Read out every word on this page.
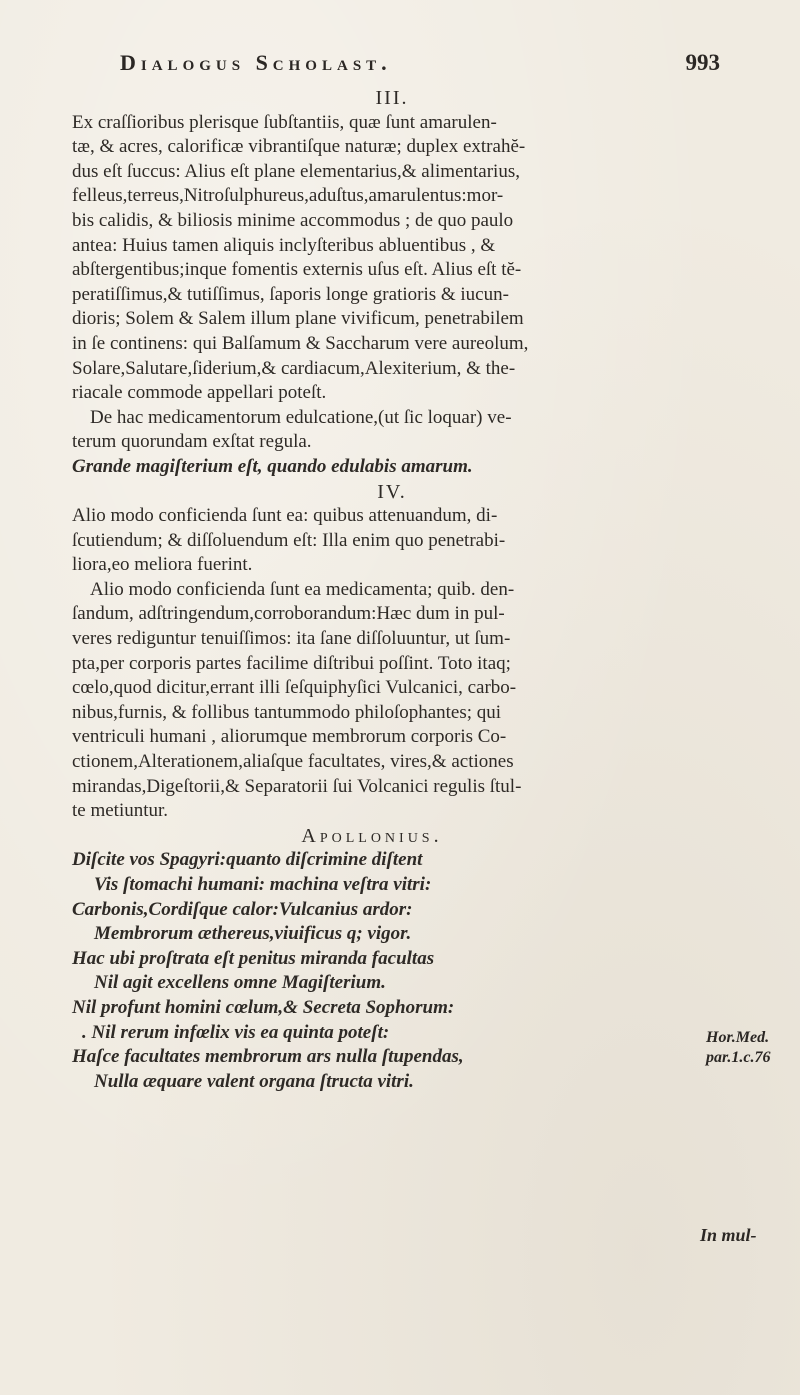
Dialogus Scholast.	993
III.
Ex craſſioribus plerisque ſubſtantiis, quæ ſunt amarulen-
tæ, & acres, calorificæ vibrantiſque naturæ; duplex extrahĕ-
dus eſt ſuccus: Alius eſt plane elementarius,& alimentarius,
felleus,terreus,Nitroſulphureus,aduſtus,amarulentus:mor-
bis calidis, & biliosis minime accommodus ; de quo paulo
antea: Huius tamen aliquis inclyſteribus abluentibus , &
abſtergentibus;inque fomentis externis uſus eſt. Alius eſt tĕ-
peratiſſimus,& tutiſſimus, ſaporis longe gratioris & iucun-
dioris; Solem & Salem illum plane vivificum, penetrabilem
in ſe continens: qui Balſamum & Saccharum vere aureolum,
Solare,Salutare,ſiderium,& cardiacum,Alexiterium, & the-
riacale commode appellari poteſt.
De hac medicamentorum edulcatione,(ut ſic loquar) ve-
terum quorundam exſtat regula.
Grande magiſterium eſt, quando edulabis amarum.
IV.
Alio modo conficienda ſunt ea: quibus attenuandum, di-
ſcutiendum; & diſſoluendum eſt: Illa enim quo penetrabi-
liora,eo meliora fuerint.
Alio modo conficienda ſunt ea medicamenta; quib. den-
ſandum, adſtringendum,corroborandum:Hæc dum in pul-
veres rediguntur tenuiſſimos: ita ſane diſſoluuntur, ut ſum-
pta,per corporis partes facilime diſtribui poſſint. Toto itaq;
cœlo,quod dicitur,errant illi ſeſquiphyſici Vulcanici, carbo-
nibus,furnis, & follibus tantummodo philoſophantes; qui
ventriculi humani , aliorumque membrorum corporis Co-
ctionem,Alterationem,aliaſque facultates, vires,& actiones
mirandas,Digeſtorii,& Separatorii ſui Volcanici regulis ſtul-
te metiuntur.
Apollonius.
Diſcite vos Spagyri:quanto diſcrimine diſtent
Vis ſtomachi humani: machina veſtra vitri:
Carbonis,Cordiſque calor:Vulcanius ardor:
Membrorum æthereus,viuificus q; vigor.
Hac ubi proſtrata eſt penitus miranda facultas
Nil agit excellens omne Magiſterium.
Nil profunt homini cœlum,& Secreta Sophorum:
. Nil rerum infœlix vis ea quinta poteſt:
Haſce facultates membrorum ars nulla ſtupendas,
Nulla æquare valent organa ſtructa vitri.
Hor.Med.
par.1.c.76
In mul-
